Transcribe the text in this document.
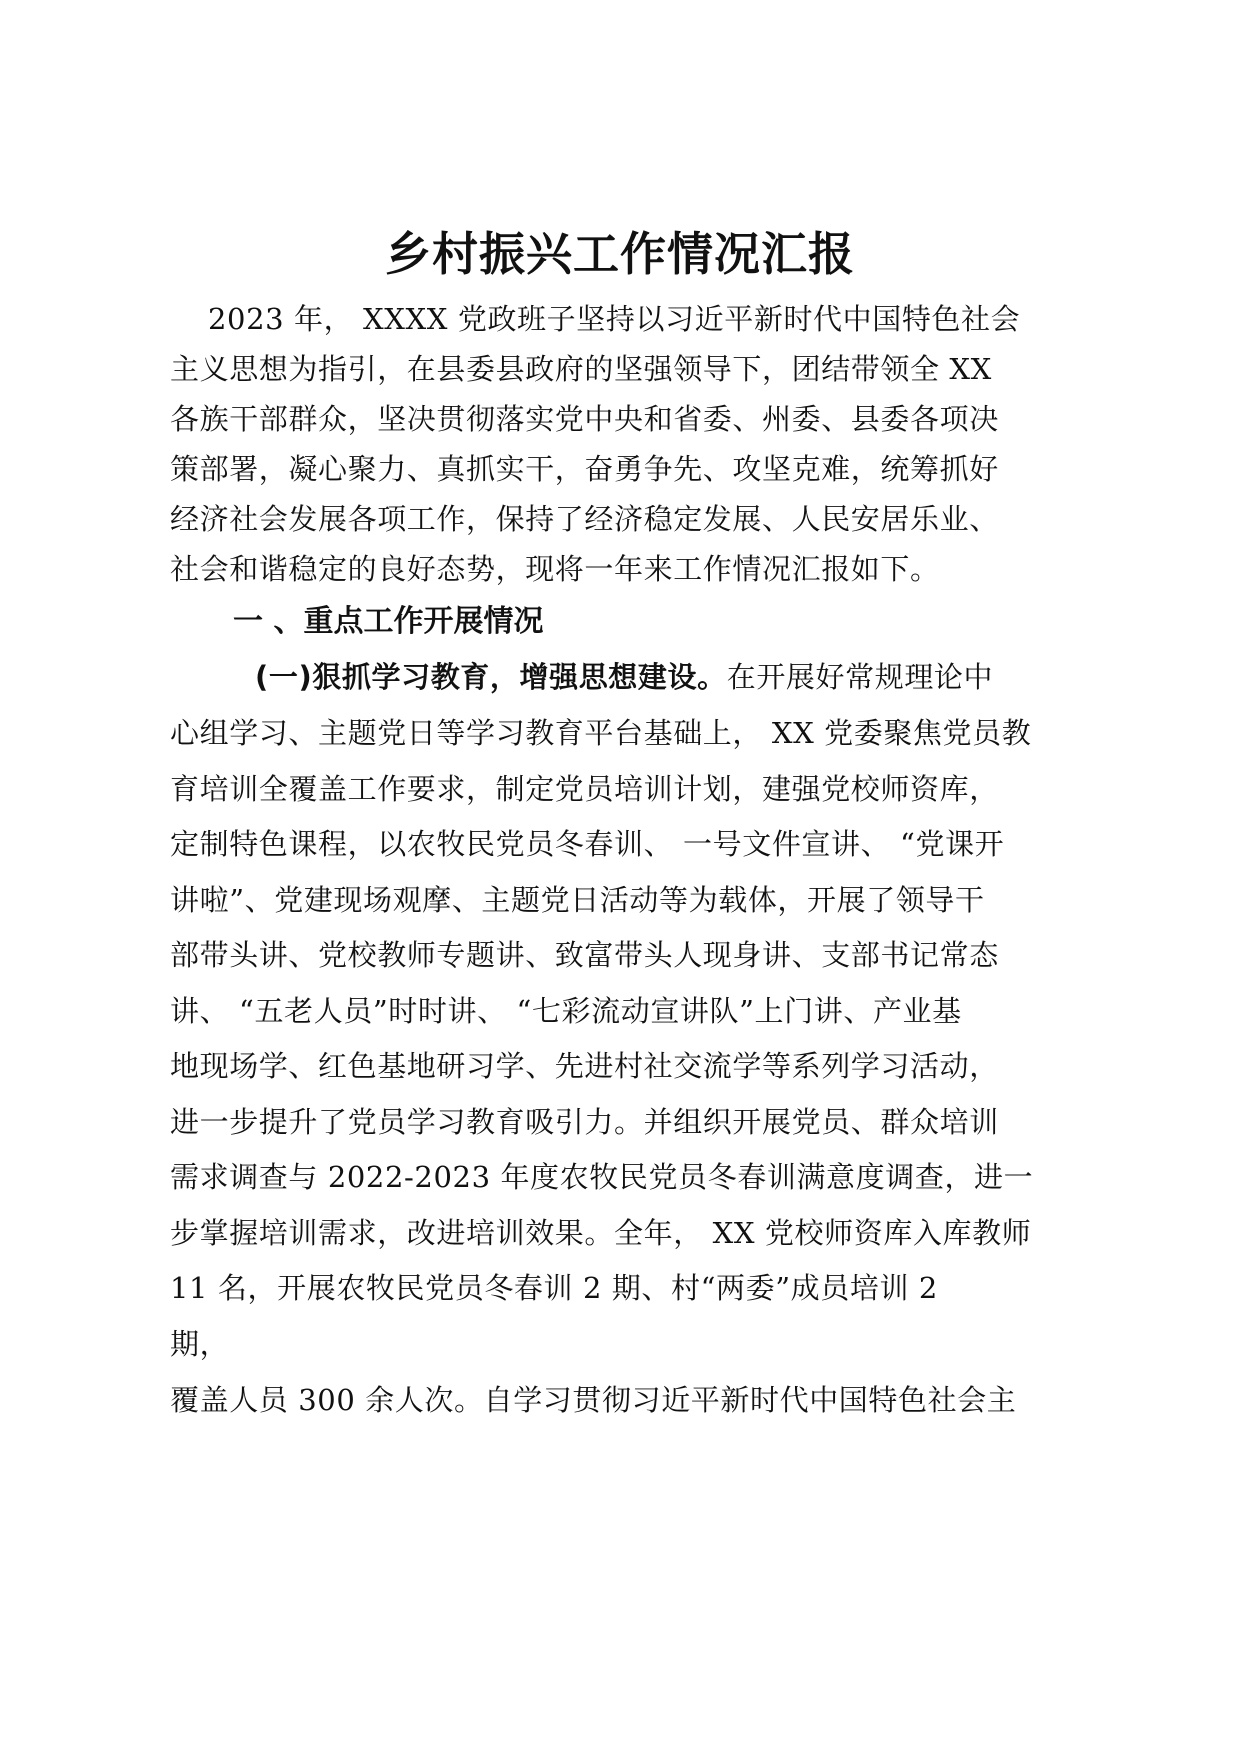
乡村振兴工作情况汇报
2023 年， XXXX 党政班子坚持以习近平新时代中国特色社会
主义思想为指引，在县委县政府的坚强领导下，团结带领全 XX
各族干部群众，坚决贯彻落实党中央和省委、州委、县委各项决
策部署，凝心聚力、真抓实干，奋勇争先、攻坚克难，统筹抓好
经济社会发展各项工作，保持了经济稳定发展、人民安居乐业、
社会和谐稳定的良好态势，现将一年来工作情况汇报如下。
一 、重点工作开展情况
(一)狠抓学习教育，增强思想建设。在开展好常规理论中
心组学习、主题党日等学习教育平台基础上， XX 党委聚焦党员教
育培训全覆盖工作要求，制定党员培训计划，建强党校师资库，
定制特色课程，以农牧民党员冬春训、 一号文件宣讲、 “党课开
讲啦”、党建现场观摩、主题党日活动等为载体，开展了领导干
部带头讲、党校教师专题讲、致富带头人现身讲、支部书记常态
讲、 “五老人员”时时讲、 “七彩流动宣讲队”上门讲、产业基
地现场学、红色基地研习学、先进村社交流学等系列学习活动，
进一步提升了党员学习教育吸引力。并组织开展党员、群众培训
需求调查与 2022-2023 年度农牧民党员冬春训满意度调查，进一
步掌握培训需求，改进培训效果。全年， XX 党校师资库入库教师
11 名，开展农牧民党员冬春训 2 期、村“两委”成员培训 2
期，
覆盖人员 300 余人次。自学习贯彻习近平新时代中国特色社会主
